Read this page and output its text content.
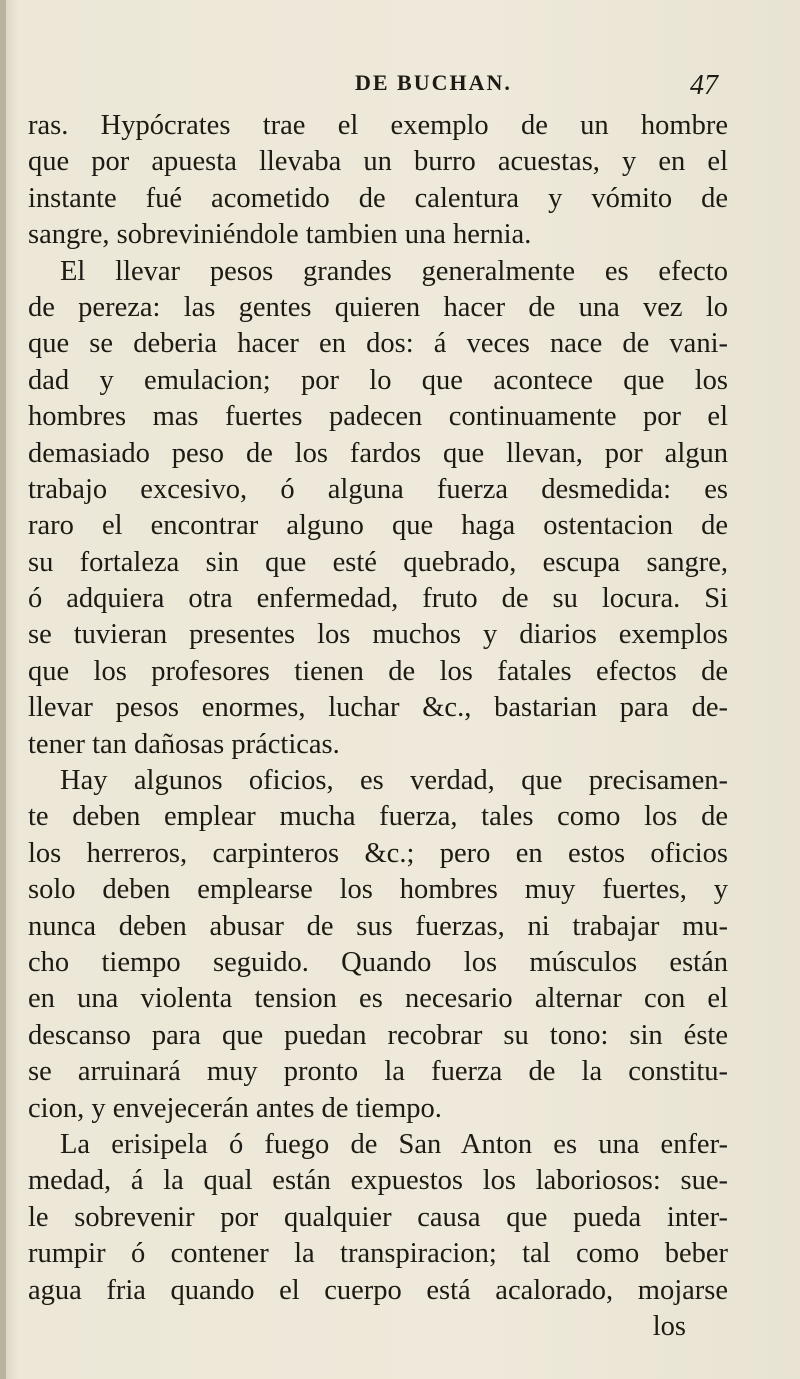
DE BUCHAN.	47
ras. Hypócrates trae el exemplo de un hombre
que por apuesta llevaba un burro acuestas, y en el
instante fué acometido de calentura y vómito de
sangre, sobreviniéndole tambien una hernia.
El llevar pesos grandes generalmente es efecto
de pereza: las gentes quieren hacer de una vez lo
que se deberia hacer en dos: á veces nace de vani-
dad y emulacion; por lo que acontece que los
hombres mas fuertes padecen continuamente por el
demasiado peso de los fardos que llevan, por algun
trabajo excesivo, ó alguna fuerza desmedida: es
raro el encontrar alguno que haga ostentacion de
su fortaleza sin que esté quebrado, escupa sangre,
ó adquiera otra enfermedad, fruto de su locura. Si
se tuvieran presentes los muchos y diarios exemplos
que los profesores tienen de los fatales efectos de
llevar pesos enormes, luchar &c., bastarian para de-
tener tan dañosas prácticas.
Hay algunos oficios, es verdad, que precisamen-
te deben emplear mucha fuerza, tales como los de
los herreros, carpinteros &c.; pero en estos oficios
solo deben emplearse los hombres muy fuertes, y
nunca deben abusar de sus fuerzas, ni trabajar mu-
cho tiempo seguido. Quando los músculos están
en una violenta tension es necesario alternar con el
descanso para que puedan recobrar su tono: sin éste
se arruinará muy pronto la fuerza de la constitu-
cion, y envejecerán antes de tiempo.
La erisipela ó fuego de San Anton es una enfer-
medad, á la qual están expuestos los laboriosos: sue-
le sobrevenir por qualquier causa que pueda inter-
rumpir ó contener la transpiracion; tal como beber
agua fria quando el cuerpo está acalorado, mojarse
los
